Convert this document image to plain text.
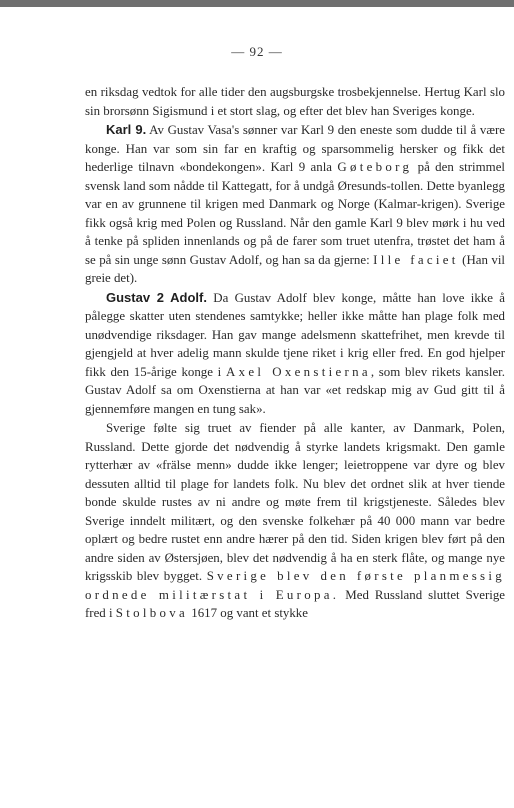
— 92 —

en riksdag vedtok for alle tider den augsburgske trosbekjennelse. Hertug Karl slo sin brorsønn Sigismund i et stort slag, og efter det blev han Sveriges konge.

Karl 9. Av Gustav Vasa's sønner var Karl 9 den eneste som dudde til å være konge. Han var som sin far en kraftig og sparsommelig hersker og fikk det hederlige tilnavn «bondekongen». Karl 9 anla Gøteborg på den strimmel svensk land som nådde til Kattegatt, for å undgå Øresunds-tollen. Dette byanlegg var en av grunnene til krigen med Danmark og Norge (Kalmar-krigen). Sverige fikk også krig med Polen og Russland. Når den gamle Karl 9 blev mørk i hu ved å tenke på spliden innenlands og på de farer som truet utenfra, trøstet det ham å se på sin unge sønn Gustav Adolf, og han sa da gjerne: Ille faciet (Han vil greie det).

Gustav 2 Adolf. Da Gustav Adolf blev konge, måtte han love ikke å pålegge skatter uten stendenes samtykke; heller ikke måtte han plage folk med unødvendige riksdager. Han gav mange adelsmenn skattefrihet, men krevde til gjengjeld at hver adelig mann skulde tjene riket i krig eller fred. En god hjelper fikk den 15-årige konge i Axel Oxenstierna, som blev rikets kansler. Gustav Adolf sa om Oxenstierna at han var «et redskap mig av Gud gitt til å gjennemføre mangen en tung sak».

Sverige følte sig truet av fiender på alle kanter, av Danmark, Polen, Russland. Dette gjorde det nødvendig å styrke landets krigsmakt. Den gamle rytterhær av «frälse menn» dudde ikke lenger; leietroppene var dyre og blev dessuten alltid til plage for landets folk. Nu blev det ordnet slik at hver tiende bonde skulde rustes av ni andre og møte frem til krigstjeneste. Således blev Sverige inndelt militært, og den svenske folkehær på 40 000 mann var bedre oplært og bedre rustet enn andre hærer på den tid. Siden krigen blev ført på den andre siden av Østersjøen, blev det nødvendig å ha en sterk flåte, og mange nye krigsskib blev bygget. Sverige blev den første planmessig ordnede militærstat i Europa. Med Russland sluttet Sverige fred i Stolbova 1617 og vant et stykke
